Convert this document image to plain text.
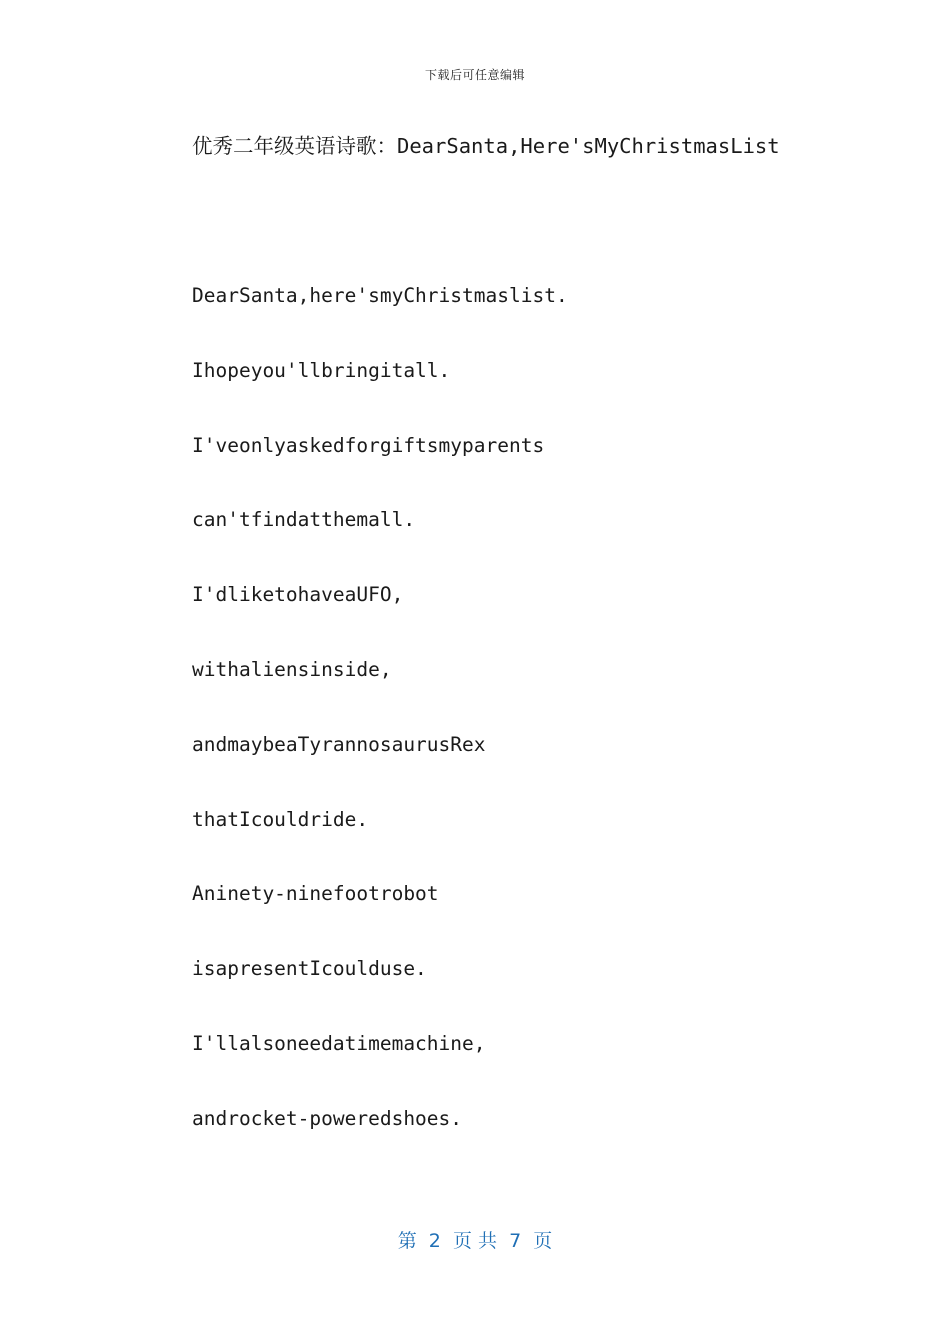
下载后可任意编辑
优秀二年级英语诗歌：DearSanta,Here'sMyChristmasList
DearSanta,here'smyChristmaslist.
Ihopeyou'llbringitall.
I'veonlyaskedforgiftsmyparents
can'tfindatthemall.
I'dliketohaveaUFO,
withaliensinside,
andmaybeaTyrannosaurusRex
thatIcouldride.
Aninety-ninefootrobot
isapresentIcoulduse.
I'llalsoneedatimemachine,
androcket-poweredshoes.
第  2  页 共  7  页
